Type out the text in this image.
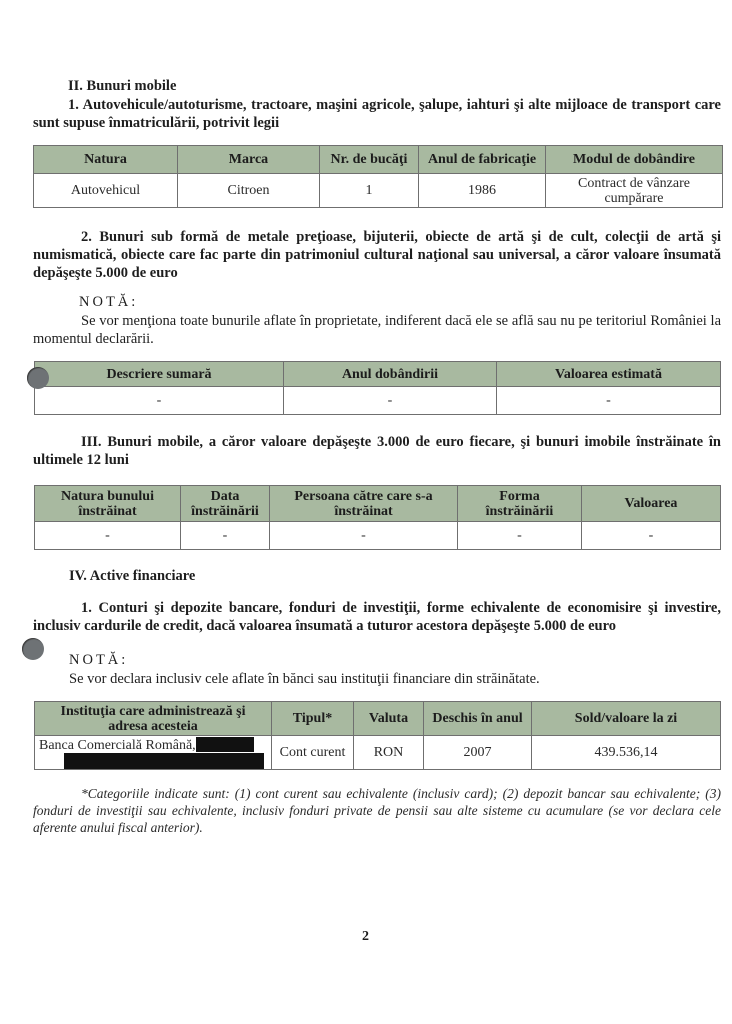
II. Bunuri mobile
1. Autovehicule/autoturisme, tractoare, maşini agricole, şalupe, iahturi şi alte mijloace de transport care sunt supuse înmatriculării, potrivit legii
Natura	Marca	Nr. de bucăţi	Anul de fabricaţie	Modul de dobândire
Autovehicul	Citroen	1	1986	Contract de vânzare cumpărare
2. Bunuri sub formă de metale preţioase, bijuterii, obiecte de artă şi de cult, colecţii de artă şi numismatică, obiecte care fac parte din patrimoniul cultural naţional sau universal, a căror valoare însumată depăşeşte 5.000 de euro
NOTĂ:
Se vor menţiona toate bunurile aflate în proprietate, indiferent dacă ele se află sau nu pe teritoriul României la momentul declarării.
Descriere sumară	Anul dobândirii	Valoarea estimată
-	-	-
III. Bunuri mobile, a căror valoare depăşeşte 3.000 de euro fiecare, şi bunuri imobile înstrăinate în ultimele 12 luni
Natura bunului înstrăinat	Data înstrăinării	Persoana către care s-a înstrăinat	Forma înstrăinării	Valoarea
-	-	-	-	-
IV. Active financiare
1. Conturi şi depozite bancare, fonduri de investiţii, forme echivalente de economisire şi investire, inclusiv cardurile de credit, dacă valoarea însumată a tuturor acestora depăşeşte 5.000 de euro
NOTĂ:
Se vor declara inclusiv cele aflate în bănci sau instituţii financiare din străinătate.
Instituţia care administrează şi adresa acesteia	Tipul*	Valuta	Deschis în anul	Sold/valoare la zi
Banca Comercială Română,	Cont curent	RON	2007	439.536,14
*Categoriile indicate sunt: (1) cont curent sau echivalente (inclusiv card); (2) depozit bancar sau echivalente; (3) fonduri de investiţii sau echivalente, inclusiv fonduri private de pensii sau alte sisteme cu acumulare (se vor declara cele aferente anului fiscal anterior).
2
